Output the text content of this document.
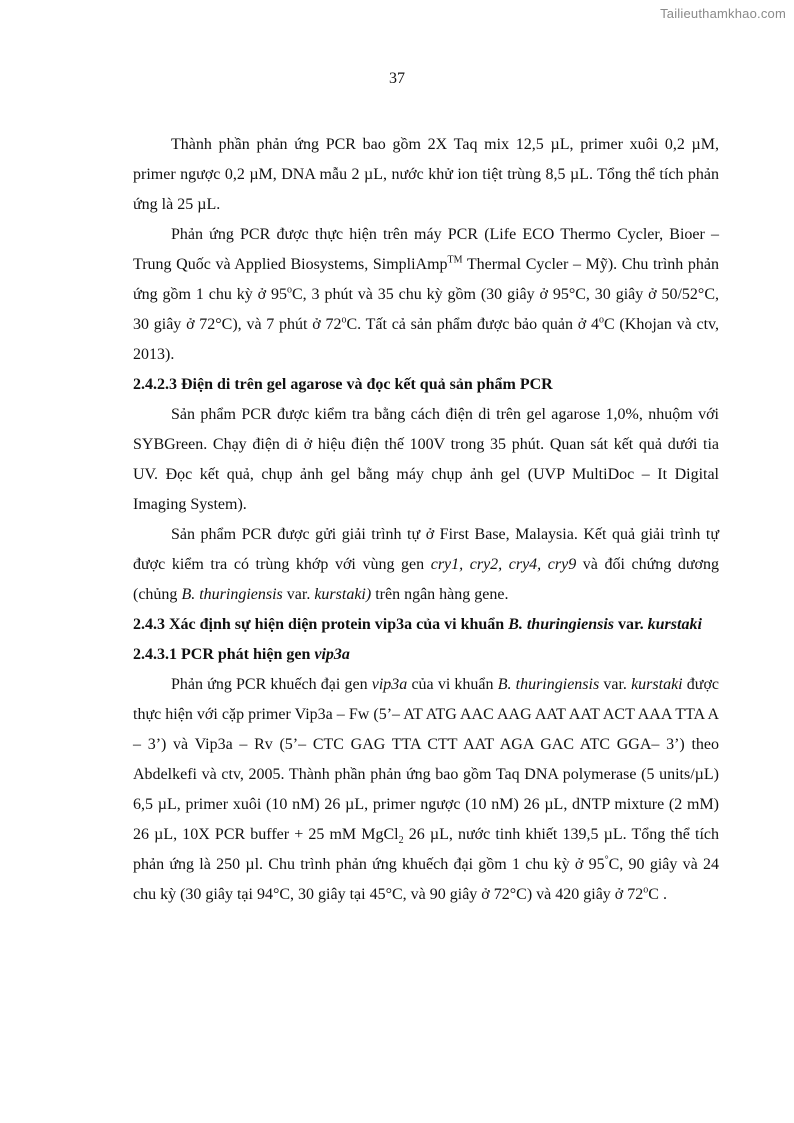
Tailieuthamkhao.com
37

Thành phần phản ứng PCR bao gồm 2X Taq mix 12,5 µL, primer xuôi 0,2 µM, primer ngược 0,2 µM, DNA mẫu 2 µL, nước khử ion tiệt trùng 8,5 µL. Tổng thể tích phản ứng là 25 µL.

Phản ứng PCR được thực hiện trên máy PCR (Life ECO Thermo Cycler, Bioer – Trung Quốc và Applied Biosystems, SimpliAmp™ Thermal Cycler – Mỹ). Chu trình phản ứng gồm 1 chu kỳ ở 95$^o$C, 3 phút và 35 chu kỳ gồm (30 giây ở 95°C, 30 giây ở 50/52°C, 30 giây ở 72°C), và 7 phút ở 72$^o$C. Tất cả sản phẩm được bảo quản ở 4$^o$C (Khojan và ctv, 2013).

2.4.2.3 Điện di trên gel agarose và đọc kết quả sản phẩm PCR

Sản phẩm PCR được kiểm tra bằng cách điện di trên gel agarose 1,0%, nhuộm với SYBGreen. Chạy điện di ở hiệu điện thế 100V trong 35 phút. Quan sát kết quả dưới tia UV. Đọc kết quả, chụp ảnh gel bằng máy chụp ảnh gel (UVP MultiDoc – It Digital Imaging System).

Sản phẩm PCR được gửi giải trình tự ở First Base, Malaysia. Kết quả giải trình tự được kiểm tra có trùng khớp với vùng gen cry1, cry2, cry4, cry9 và đối chứng dương (chủng B. thuringiensis var. kurstaki) trên ngân hàng gene.

2.4.3 Xác định sự hiện diện protein vip3a của vi khuẩn B. thuringiensis var. kurstaki
2.4.3.1 PCR phát hiện gen vip3a

Phản ứng PCR khuếch đại gen vip3a của vi khuẩn B. thuringiensis var. kurstaki được thực hiện với cặp primer Vip3a – Fw (5’– AT ATG AAC AAG AAT AAT ACT AAA TTA A – 3’) và Vip3a – Rv (5’– CTC GAG TTA CTT AAT AGA GAC ATC GGA– 3’) theo Abdelkefi và ctv, 2005. Thành phần phản ứng bao gồm Taq DNA polymerase (5 units/µL) 6,5 µL, primer xuôi (10 nM) 26 µL, primer ngược (10 nM) 26 µL, dNTP mixture (2 mM) 26 µL, 10X PCR buffer + 25 mM MgCl$_2$ 26 µL, nước tinh khiết 139,5 µL. Tổng thể tích phản ứng là 250 µl. Chu trình phản ứng khuếch đại gồm 1 chu kỳ ở 95°C, 90 giây và 24 chu kỳ (30 giây tại 94°C, 30 giây tại 45°C, và 90 giây ở 72°C) và 420 giây ở 72$^o$C .
